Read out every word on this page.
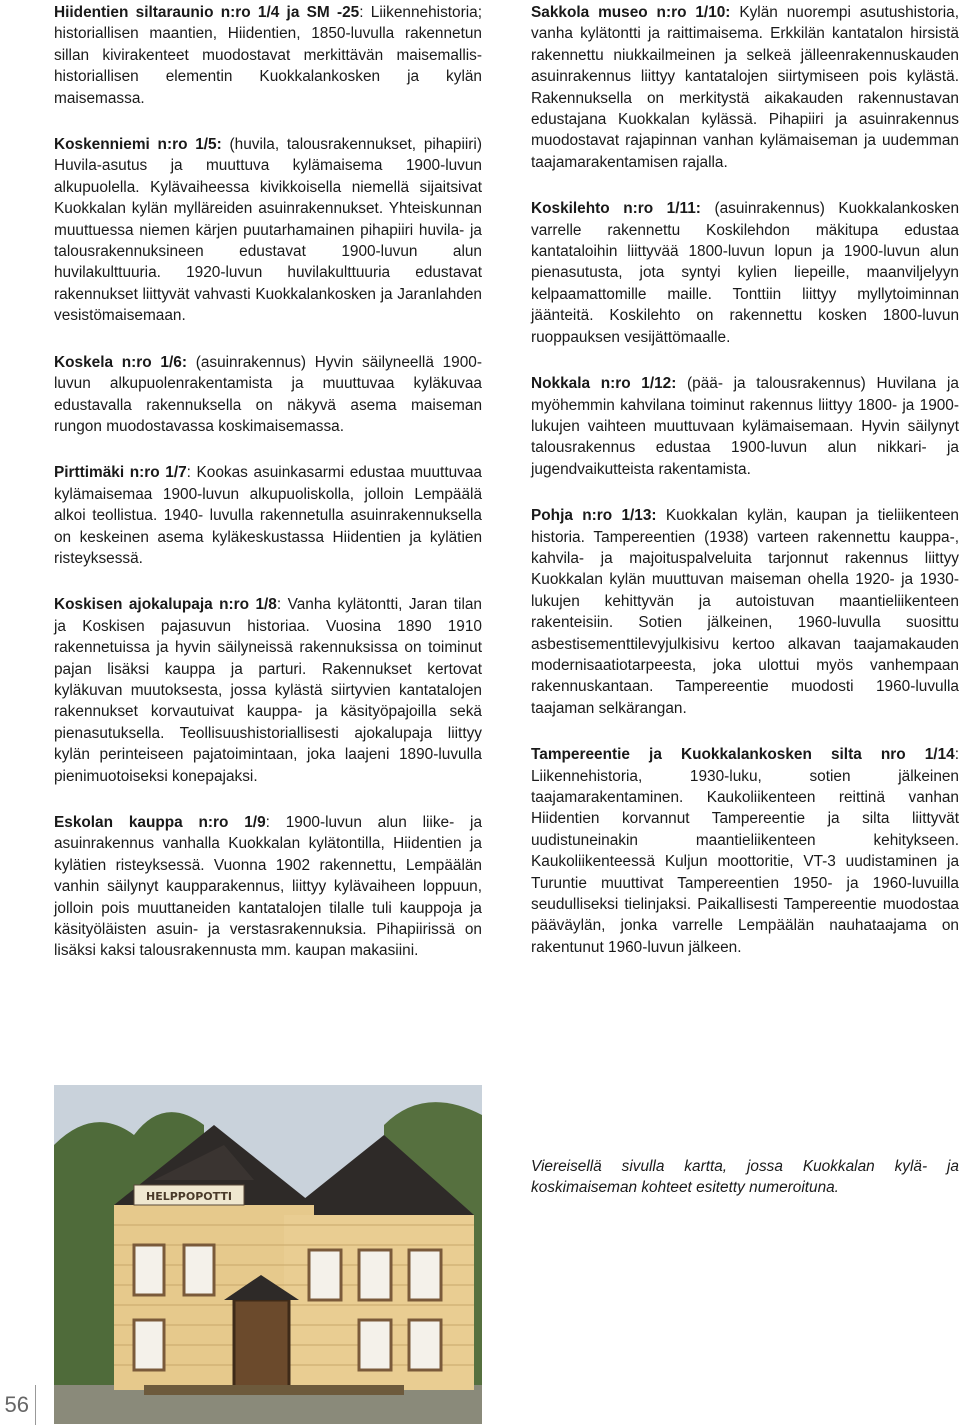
Hiidentien siltaraunio n:ro 1/4 ja SM -25: Liikennehistoria; historiallisen maantien, Hiidentien, 1850-luvulla rakennetun sillan kivirakenteet muodostavat merkittävän maisemallis- historiallisen elementin Kuokkalankosken ja kylän maisemassa.

Koskenniemi n:ro 1/5: (huvila, talousrakennukset, pihapiiri) Huvila-asutus ja muuttuva kylämaisema 1900-luvun alkupuolella. Kylävaiheessa kivikkoisella niemellä sijaitsivat Kuokkalan kylän mylläreiden asuinrakennukset. Yhteiskunnan muuttuessa niemen kärjen puutarhamainen pihapiiri huvila- ja talousrakennuksineen edustavat 1900-luvun alun huvilakulttuuria. 1920-luvun huvilakulttuuria edustavat rakennukset liittyvät vahvasti Kuokkalankosken ja Jaranlahden vesistömaisemaan.

Koskela n:ro 1/6: (asuinrakennus) Hyvin säilyneellä 1900-luvun alkupuolenrakentamista ja muuttuvaa kyläkuvaa edustavalla rakennuksella on näkyvä asema maiseman rungon muodostavassa koskimaisemassa.

Pirttimäki n:ro 1/7: Kookas asuinkasarmi edustaa muuttuvaa kylämaisemaa 1900-luvun alkupuoliskolla, jolloin Lempäälä alkoi teollistua. 1940- luvulla rakennetulla asuinrakennuksella on keskeinen asema kyläkeskustassa Hiidentien ja kylätien risteyksessä.

Koskisen ajokalupaja n:ro 1/8: Vanha kylätontti, Jaran tilan ja Koskisen pajasuvun historiaa. Vuosina 1890 1910 rakennetuissa ja hyvin säilyneissä rakennuksissa on toiminut pajan lisäksi kauppa ja parturi. Rakennukset kertovat kyläkuvan muutoksesta, jossa kylästä siirtyvien kantatalojen rakennukset korvautuivat kauppa- ja käsityöpajoilla sekä pienasutuksella. Teollisuushistoriallisesti ajokalupaja liittyy kylän perinteiseen pajatoimintaan, joka laajeni 1890-luvulla pienimuotoiseksi konepajaksi.

Eskolan kauppa n:ro 1/9: 1900-luvun alun liike- ja asuinrakennus vanhalla Kuokkalan kylätontilla, Hiidentien ja kylätien risteyksessä. Vuonna 1902 rakennettu, Lempäälän vanhin säilynyt kaupparakennus, liittyy kylävaiheen loppuun, jolloin pois muuttaneiden kantatalojen tilalle tuli kauppoja ja käsityöläisten asuin- ja verstasrakennuksia. Pihapiirissä on lisäksi kaksi talousrakennusta mm. kaupan makasiini.

Sakkola museo n:ro 1/10: Kylän nuorempi asutushistoria, vanha kylätontti ja raittimaisema. Erkkilän kantatalon hirsistä rakennettu niukkailmeinen ja selkeä jälleenrakennuskauden asuinrakennus liittyy kantatalojen siirtymiseen pois kylästä. Rakennuksella on merkitystä aikakauden rakennustavan edustajana Kuokkalan kylässä. Pihapiiri ja asuinrakennus muodostavat rajapinnan vanhan kylämaiseman ja uudemman taajamarakentamisen rajalla.

Koskilehto n:ro 1/11: (asuinrakennus) Kuokkalankosken varrelle rakennettu Koskilehdon mäkitupa edustaa kantataloihin liittyvää 1800-luvun lopun ja 1900-luvun alun pienasutusta, jota syntyi kylien liepeille, maanviljelyyn kelpaamattomille maille. Tonttiin liittyy myllytoiminnan jäänteitä. Koskilehto on rakennettu kosken 1800-luvun ruoppauksen vesijättömaalle.

Nokkala n:ro 1/12: (pää- ja talousrakennus) Huvilana ja myöhemmin kahvilana toiminut rakennus liittyy 1800- ja 1900-lukujen vaihteen muuttuvaan kylämaisemaan. Hyvin säilynyt talousrakennus edustaa 1900-luvun alun nikkari- ja jugendvaikutteista rakentamista.

Pohja n:ro 1/13: Kuokkalan kylän, kaupan ja tieliikenteen historia. Tampereentien (1938) varteen rakennettu kauppa-, kahvila- ja majoituspalveluita tarjonnut rakennus liittyy Kuokkalan kylän muuttuvan maiseman ohella 1920- ja 1930-lukujen kehittyvän ja autoistuvan maantieliikenteen rakenteisiin. Sotien jälkeinen, 1960-luvulla suosittu asbestisementtilevyjulkisivu kertoo alkavan taajamakauden modernisaatiotarpeesta, joka ulottui myös vanhempaan rakennuskantaan. Tampereentie muodosti 1960-luvulla taajaman selkärangan.

Tampereentie ja Kuokkalankosken silta nro 1/14: Liikennehistoria, 1930-luku, sotien jälkeinen taajamarakentaminen. Kaukoliikenteen reittinä vanhan Hiidentien korvannut Tampereentie ja silta liittyvät uudistuneinakin maantieliikenteen kehitykseen. Kaukoliikenteessä Kuljun moottoritie, VT-3 uudistaminen ja Turuntie muuttivat Tampereentien 1950- ja 1960-luvuilla seudulliseksi tielinjaksi. Paikallisesti Tampereentie muodostaa pääväylän, jonka varrelle Lempäälän nauhataajama on rakentunut 1960-luvun jälkeen.

HELPPOPOTTI
Viereisellä sivulla kartta, jossa Kuokkalan kylä- ja koskimaiseman kohteet esitetty numeroituna.
56
